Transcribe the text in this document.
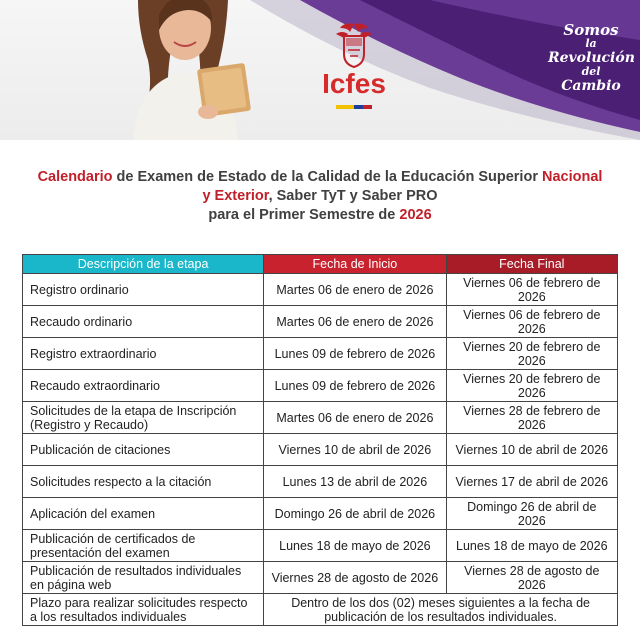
Icfes
Somos
la
Revolución
del
Cambio
Calendario de Examen de Estado de la Calidad de la Educación Superior Nacional
y Exterior, Saber TyT y Saber PRO
para el Primer Semestre de 2026
Descripción de la etapa	Fecha de Inicio	Fecha Final
Registro ordinario	Martes 06 de enero de 2026	Viernes 06 de febrero de 2026
Recaudo ordinario	Martes 06 de enero de 2026	Viernes 06 de febrero de 2026
Registro extraordinario	Lunes 09 de febrero de 2026	Viernes 20 de febrero de 2026
Recaudo extraordinario	Lunes 09 de febrero de 2026	Viernes 20 de febrero de 2026
Solicitudes de la etapa de Inscripción (Registro y Recaudo)	Martes 06 de enero de 2026	Viernes 28 de febrero de 2026
Publicación de citaciones	Viernes 10 de abril de 2026	Viernes 10 de abril de 2026
Solicitudes respecto a la citación	Lunes 13 de abril de 2026	Viernes 17 de abril de 2026
Aplicación del examen	Domingo 26 de abril de 2026	Domingo 26 de abril de 2026
Publicación de certificados de presentación del examen	Lunes 18 de mayo de 2026	Lunes 18 de mayo de 2026
Publicación de resultados individuales en página web	Viernes 28 de agosto de 2026	Viernes 28 de agosto de 2026
Plazo para realizar solicitudes respecto a los resultados individuales	Dentro de los dos (02) meses siguientes a la fecha de publicación de los resultados individuales.	
